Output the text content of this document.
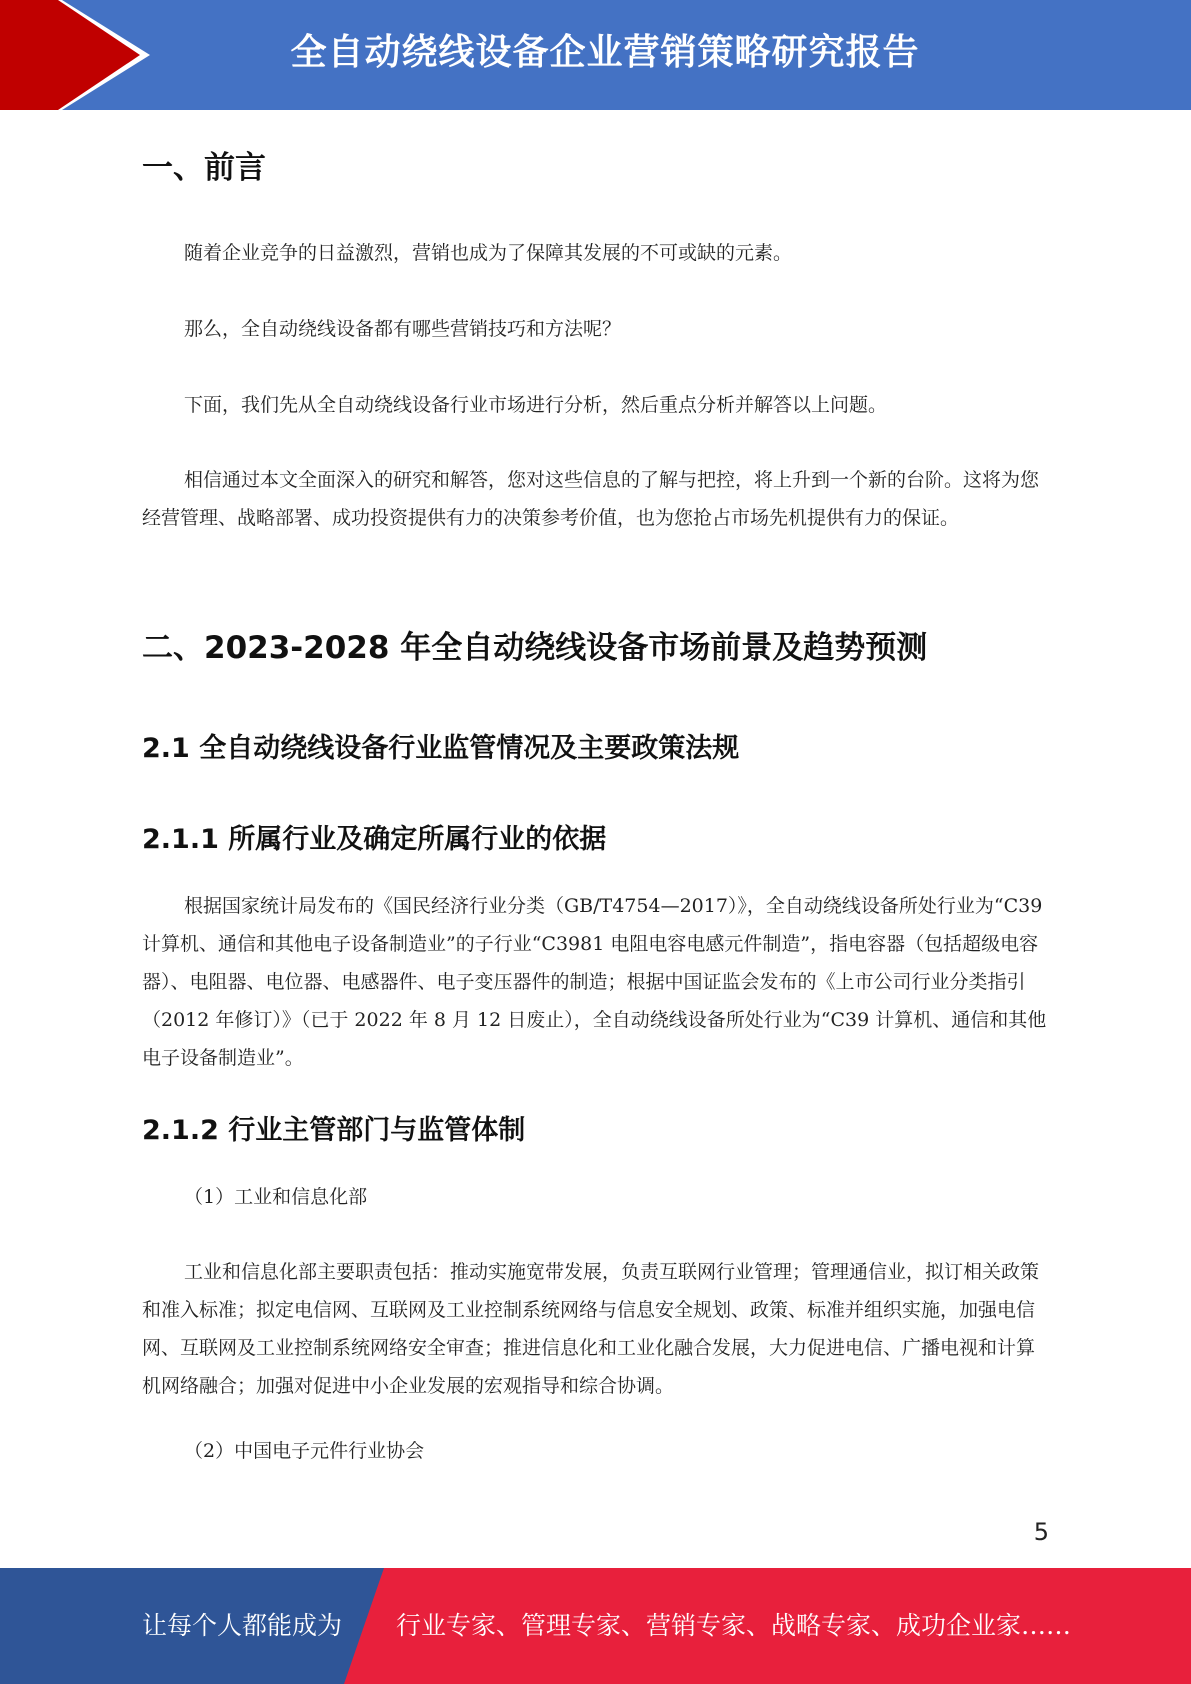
全自动绕线设备企业营销策略研究报告
一、前言

随着企业竞争的日益激烈，营销也成为了保障其发展的不可或缺的元素。

那么，全自动绕线设备都有哪些营销技巧和方法呢？

下面，我们先从全自动绕线设备行业市场进行分析，然后重点分析并解答以上问题。

相信通过本文全面深入的研究和解答，您对这些信息的了解与把控，将上升到一个新的台阶。这将为您经营管理、战略部署、成功投资提供有力的决策参考价值，也为您抢占市场先机提供有力的保证。

二、2023-2028 年全自动绕线设备市场前景及趋势预测
2.1 全自动绕线设备行业监管情况及主要政策法规
2.1.1 所属行业及确定所属行业的依据

根据国家统计局发布的《国民经济行业分类（GB/T4754—2017）》，全自动绕线设备所处行业为“C39 计算机、通信和其他电子设备制造业”的子行业“C3981 电阻电容电感元件制造”，指电容器（包括超级电容器）、电阻器、电位器、电感器件、电子变压器件的制造；根据中国证监会发布的《上市公司行业分类指引（2012 年修订）》（已于 2022 年 8 月 12 日废止），全自动绕线设备所处行业为“C39 计算机、通信和其他电子设备制造业”。

2.1.2 行业主管部门与监管体制

（1）工业和信息化部

工业和信息化部主要职责包括：推动实施宽带发展，负责互联网行业管理；管理通信业，拟订相关政策和准入标准；拟定电信网、互联网及工业控制系统网络与信息安全规划、政策、标准并组织实施，加强电信网、互联网及工业控制系统网络安全审查；推进信息化和工业化融合发展，大力促进电信、广播电视和计算机网络融合；加强对促进中小企业发展的宏观指导和综合协调。

（2）中国电子元件行业协会

5
让每个人都能成为 行业专家、管理专家、营销专家、战略专家、成功企业家……
